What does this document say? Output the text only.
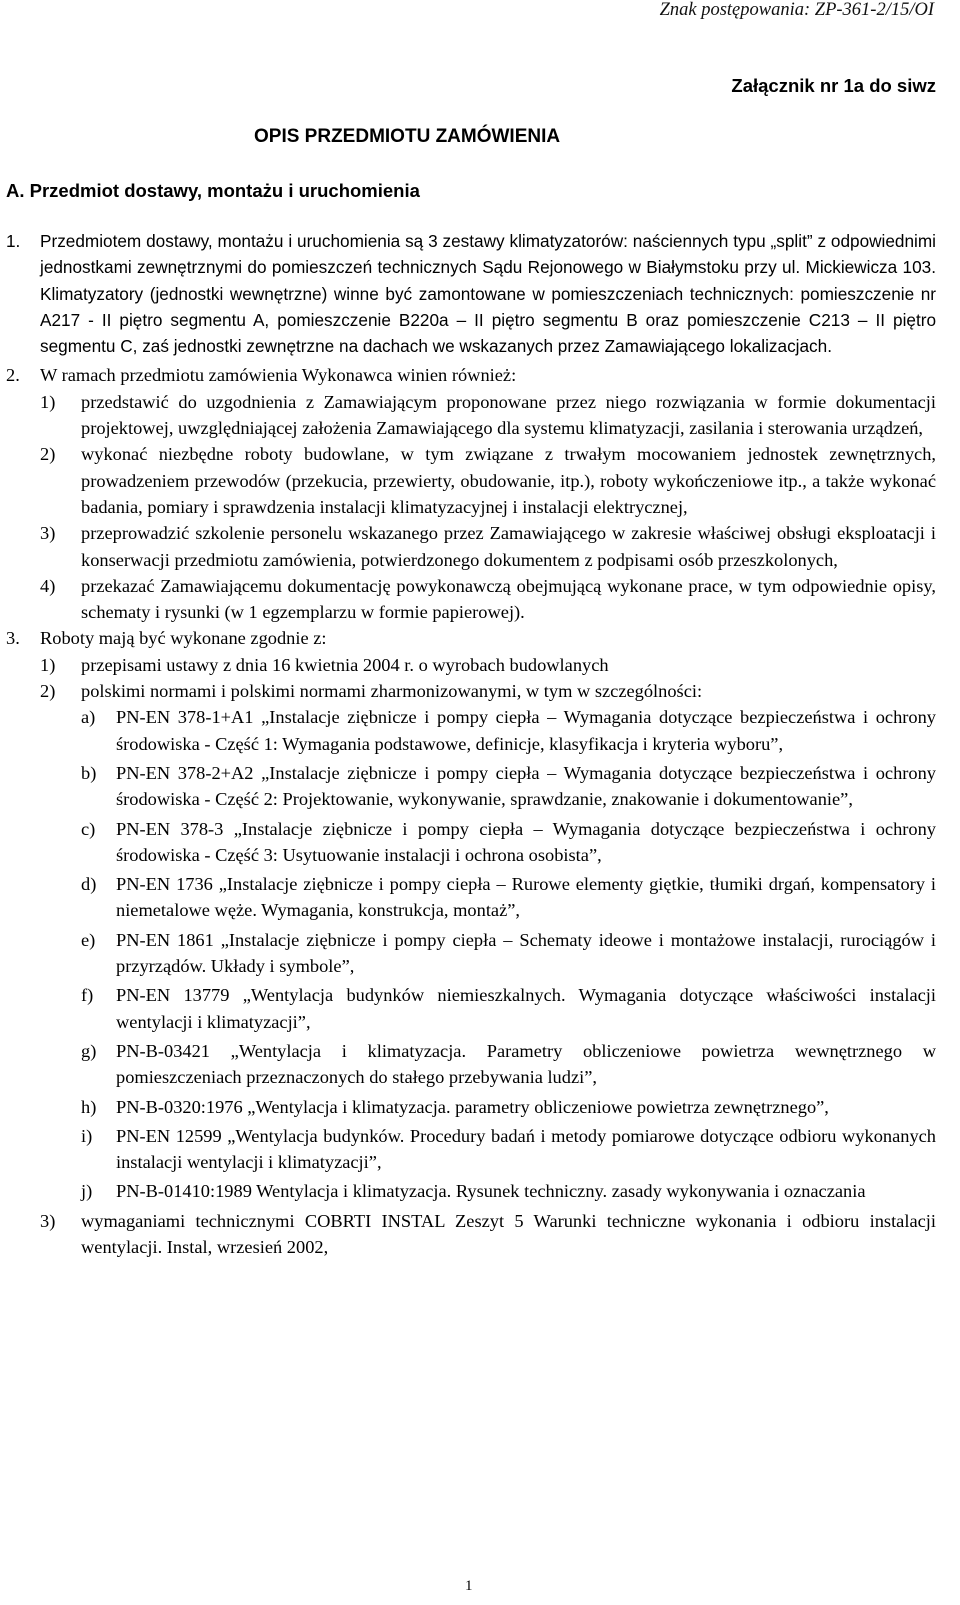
Znak postępowania: ZP-361-2/15/OI
Załącznik nr 1a do siwz
OPIS PRZEDMIOTU ZAMÓWIENIA
A. Przedmiot dostawy, montażu i uruchomienia
1. Przedmiotem dostawy, montażu i uruchomienia są 3 zestawy klimatyzatorów: naściennych typu „split” z odpowiednimi jednostkami zewnętrznymi do pomieszczeń technicznych Sądu Rejonowego w Białymstoku przy ul. Mickiewicza 103. Klimatyzatory (jednostki wewnętrzne) winne być zamontowane w pomieszczeniach technicznych: pomieszczenie nr A217 - II piętro segmentu A, pomieszczenie B220a – II piętro segmentu B oraz pomieszczenie C213 – II piętro segmentu C, zaś jednostki zewnętrzne na dachach we wskazanych przez Zamawiającego lokalizacjach.
2. W ramach przedmiotu zamówienia Wykonawca winien również:
1) przedstawić do uzgodnienia z Zamawiającym proponowane przez niego rozwiązania w formie dokumentacji projektowej, uwzględniającej założenia Zamawiającego dla systemu klimatyzacji, zasilania i sterowania urządzeń,
2) wykonać niezbędne roboty budowlane, w tym związane z trwałym mocowaniem jednostek zewnętrznych, prowadzeniem przewodów (przekucia, przewierty, obudowanie, itp.), roboty wykończeniowe itp., a także wykonać badania, pomiary i sprawdzenia instalacji klimatyzacyjnej i instalacji elektrycznej,
3) przeprowadzić szkolenie personelu wskazanego przez Zamawiającego w zakresie właściwej obsługi eksploatacji i konserwacji przedmiotu zamówienia, potwierdzonego dokumentem z podpisami osób przeszkolonych,
4) przekazać Zamawiającemu dokumentację powykonawczą obejmującą wykonane prace, w tym odpowiednie opisy, schematy i rysunki (w 1 egzemplarzu w formie papierowej).
3. Roboty mają być wykonane zgodnie z:
1) przepisami ustawy z dnia 16 kwietnia 2004 r. o wyrobach budowlanych
2) polskimi normami i polskimi normami zharmonizowanymi, w tym w szczególności:
a) PN-EN 378-1+A1 „Instalacje ziębnicze i pompy ciepła – Wymagania dotyczące bezpieczeństwa i ochrony środowiska - Część 1: Wymagania podstawowe, definicje, klasyfikacja i kryteria wyboru”,
b) PN-EN 378-2+A2 „Instalacje ziębnicze i pompy ciepła – Wymagania dotyczące bezpieczeństwa i ochrony środowiska - Część 2: Projektowanie, wykonywanie, sprawdzanie, znakowanie i dokumentowanie”,
c) PN-EN 378-3 „Instalacje ziębnicze i pompy ciepła – Wymagania dotyczące bezpieczeństwa i ochrony środowiska - Część 3: Usytuowanie instalacji i ochrona osobista”,
d) PN-EN 1736 „Instalacje ziębnicze i pompy ciepła – Rurowe elementy giętkie, tłumiki drgań, kompensatory i niemetalowe węże. Wymagania, konstrukcja, montaż”,
e) PN-EN 1861 „Instalacje ziębnicze i pompy ciepła – Schematy ideowe i montażowe instalacji, rurociągów i przyrządów. Układy i symbole”,
f) PN-EN 13779 „Wentylacja budynków niemieszkalnych. Wymagania dotyczące właściwości instalacji wentylacji i klimatyzacji”,
g) PN-B-03421 „Wentylacja i klimatyzacja. Parametry obliczeniowe powietrza wewnętrznego w pomieszczeniach przeznaczonych do stałego przebywania ludzi”,
h) PN-B-0320:1976 „Wentylacja i klimatyzacja. parametry obliczeniowe powietrza zewnętrznego”,
i) PN-EN 12599 „Wentylacja budynków. Procedury badań i metody pomiarowe dotyczące odbioru wykonanych instalacji wentylacji i klimatyzacji”,
j) PN-B-01410:1989 Wentylacja i klimatyzacja. Rysunek techniczny. zasady wykonywania i oznaczania
3) wymaganiami technicznymi COBRTI INSTAL Zeszyt 5 Warunki techniczne wykonania i odbioru instalacji wentylacji. Instal, wrzesień 2002,
1
